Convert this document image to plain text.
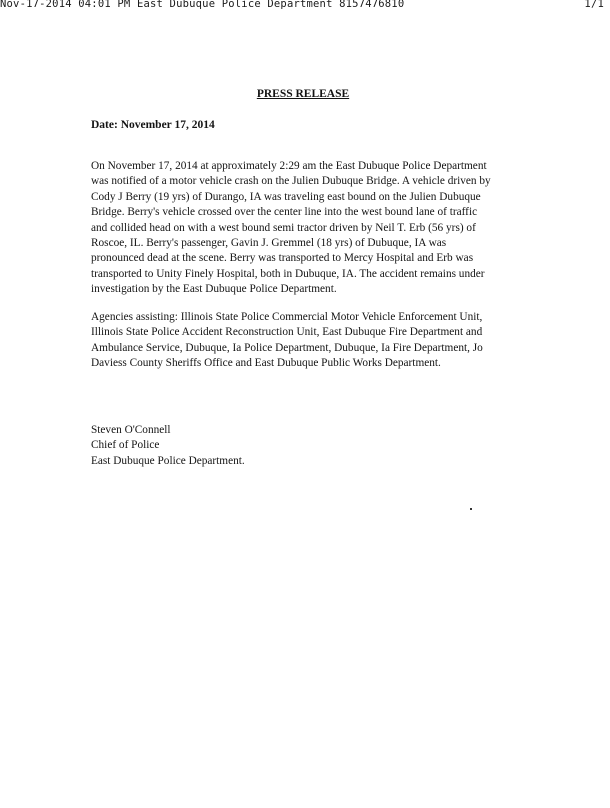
Nov-17-2014 04:01 PM East Dubuque Police Department 8157476810	1/1
PRESS RELEASE
Date: November 17, 2014
On November 17, 2014 at approximately 2:29 am the East Dubuque Police Department
was notified of a motor vehicle crash on the Julien Dubuque Bridge. A vehicle driven by
Cody J Berry (19 yrs) of Durango, IA was traveling east bound on the Julien Dubuque
Bridge. Berry's vehicle crossed over the center line into the west bound lane of traffic
and collided head on with a west bound semi tractor driven by Neil T. Erb (56 yrs) of
Roscoe, IL. Berry's passenger, Gavin J. Gremmel (18 yrs) of Dubuque, IA was
pronounced dead at the scene. Berry was transported to Mercy Hospital and Erb was
transported to Unity Finely Hospital, both in Dubuque, IA. The accident remains under
investigation by the East Dubuque Police Department.
Agencies assisting: Illinois State Police Commercial Motor Vehicle Enforcement Unit,
Illinois State Police Accident Reconstruction Unit, East Dubuque Fire Department and
Ambulance Service, Dubuque, Ia Police Department, Dubuque, Ia Fire Department, Jo
Daviess County Sheriffs Office and East Dubuque Public Works Department.
Steven O'Connell
Chief of Police
East Dubuque Police Department.
